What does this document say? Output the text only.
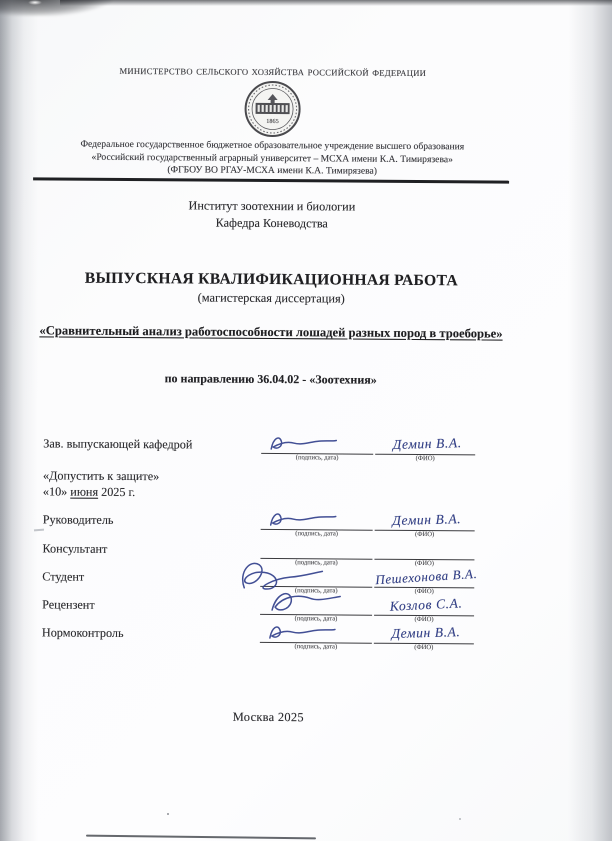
МИНИСТЕРСТВО СЕЛЬСКОГО ХОЗЯЙСТВА РОССИЙСКОЙ ФЕДЕРАЦИИ
1865
Федеральное государственное бюджетное образовательное учреждение высшего образования
«Российский государственный аграрный университет – МСХА имени К.А. Тимирязева»
(ФГБОУ ВО РГАУ-МСХА имени К.А. Тимирязева)
Институт зоотехнии и биологии
Кафедра Коневодства
ВЫПУСКНАЯ КВАЛИФИКАЦИОННАЯ РАБОТА
(магистерская диссертация)
«Сравнительный анализ работоспособности лошадей разных пород в троеборье»
по направлению 36.04.02 - «Зоотехния»
Зав. выпускающей кафедрой
(подпись, дата)
Демин В.А.
(ФИО)
«Допустить к защите»
«10» июня 2025 г.
Руководитель
(подпись, дата)
Демин В.А.
(ФИО)
Консультант
(подпись, дата)	(ФИО)
Студент
(подпись, дата)
Пешехонова В.А.
(ФИО)
Рецензент
(подпись, дата)
Козлов С.А.
(ФИО)
Нормоконтроль
(подпись, дата)
Демин В.А.
(ФИО)
Москва 2025
